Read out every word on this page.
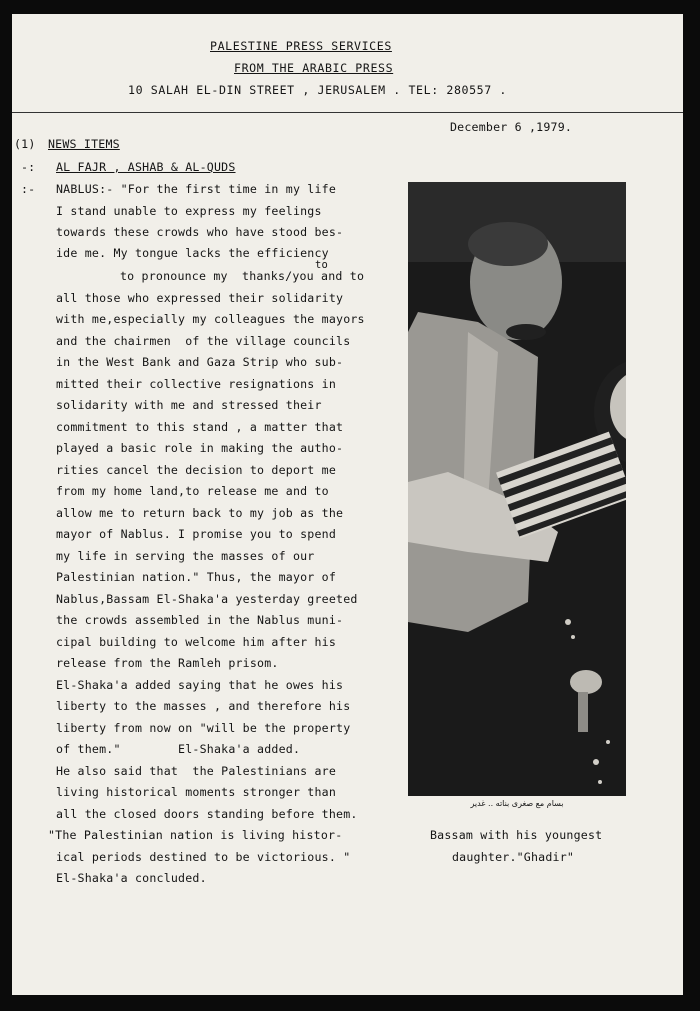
PALESTINE PRESS SERVICES
FROM THE ARABIC PRESS
10 SALAH EL-DIN STREET , JERUSALEM . TEL: 280557 .
December 6 ,1979.
(1) NEWS ITEMS
-: AL FAJR , ASHAB & AL-QUDS
:- NABLUS:- "For the first time in my life
I stand unable to express my feelings
towards these crowds who have stood bes-
ide me. My tongue lacks the efficiency
to
to pronounce my  thanks/you and to
all those who expressed their solidarity
with me,especially my colleagues the mayors
and the chairmen  of the village councils
in the West Bank and Gaza Strip who sub-
mitted their collective resignations in
solidarity with me and stressed their
commitment to this stand , a matter that
played a basic role in making the autho-
rities cancel the decision to deport me
from my home land,to release me and to
allow me to return back to my job as the
mayor of Nablus. I promise you to spend
my life in serving the masses of our
Palestinian nation." Thus, the mayor of
Nablus,Bassam El-Shaka'a yesterday greeted
the crowds assembled in the Nablus muni-
cipal building to welcome him after his
release from the Ramleh prisom.
El-Shaka'a added saying that he owes his
liberty to the masses , and therefore his
liberty from now on "will be the property
of them."        El-Shaka'a added.
He also said that  the Palestinians are
living historical moments stronger than
all the closed doors standing before them.
"The Palestinian nation is living histor-
ical periods destined to be victorious. "
El-Shaka'a concluded.
بسام مع صغرى بناته .. غدير
Bassam with his youngest
daughter."Ghadir"
